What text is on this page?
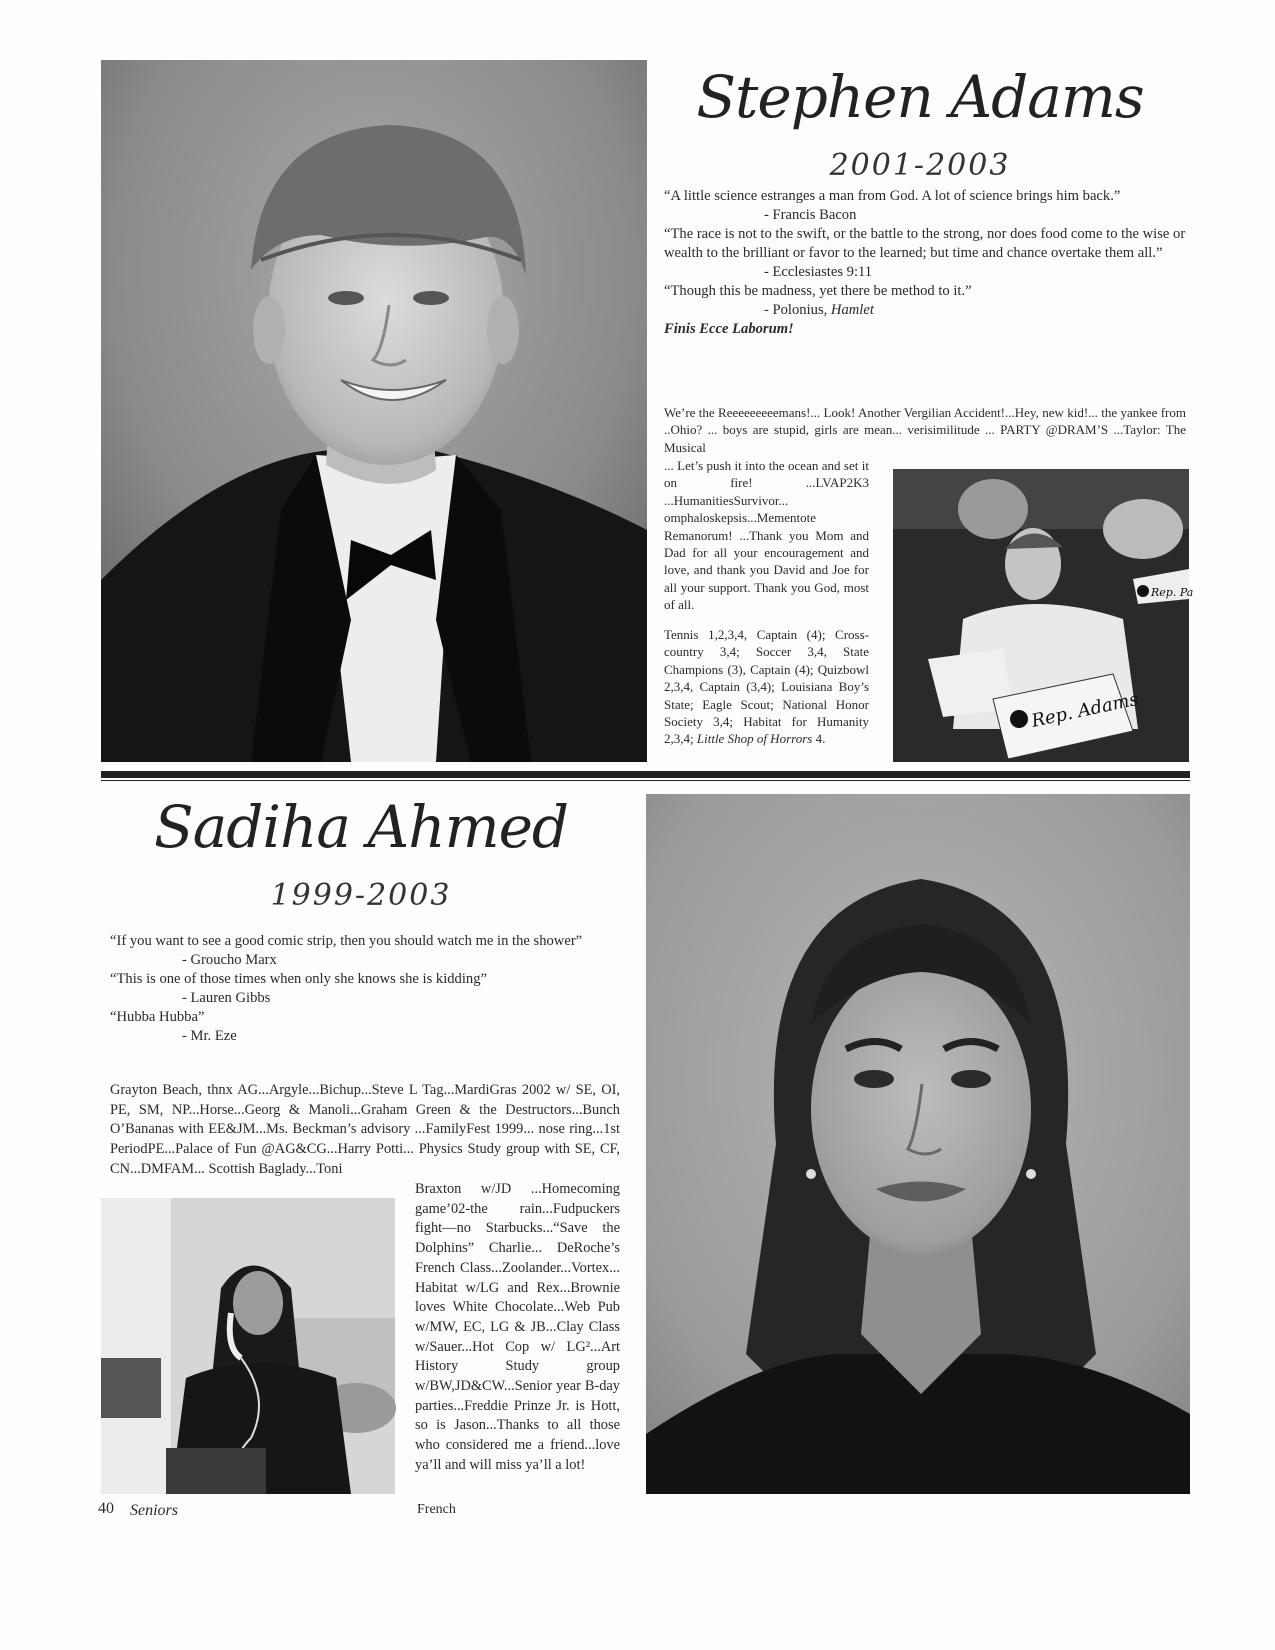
Stephen Adams
2001-2003

“A little science estranges a man from God. A lot of science brings him back.”

- Francis Bacon

“The race is not to the swift, or the battle to the strong, nor does food come to the wise or wealth to the brilliant or favor to the learned; but time and chance overtake them all.”

- Ecclesiastes 9:11

“Though this be madness, yet there be method to it.”

- Polonius, Hamlet

Finis Ecce Laborum!

We’re the Reeeeeeeeemans!... Look! Another Vergilian Accident!...Hey, new kid!... the yankee from ..Ohio? ... boys are stupid, girls are mean... verisimilitude ... PARTY @DRAM’S ...Taylor: The Musical
... Let’s push it into the ocean and set it on fire! ...LVAP2K3 ...HumanitiesSurvivor... omphaloskepsis...Mementote Remanorum! ...Thank you Mom and Dad for all your encouragement and love, and thank you David and Joe for all your support. Thank you God, most of all.
Tennis 1,2,3,4, Captain (4); Cross-country 3,4; Soccer 3,4, State Champions (3), Captain (4); Quizbowl 2,3,4, Captain (3,4); Louisiana Boy’s State; Eagle Scout; National Honor Society 3,4; Habitat for Humanity 2,3,4; Little Shop of Horrors 4.
Rep. Adams
Rep. Pa
Sadiha Ahmed
1999-2003

“If you want to see a good comic strip, then you should watch me in the shower”

- Groucho Marx

“This is one of those times when only she knows she is kidding”

- Lauren Gibbs

“Hubba Hubba”

- Mr. Eze

Grayton Beach, thnx AG...Argyle...Bichup...Steve L Tag...MardiGras 2002 w/ SE, OI, PE, SM, NP...Horse...Georg & Manoli...Graham Green & the Destructors...Bunch O’Bananas with EE&JM...Ms. Beckman’s advisory ...FamilyFest 1999... nose ring...1st PeriodPE...Palace of Fun @AG&CG...Harry Potti... Physics Study group with SE, CF, CN...DMFAM... Scottish Baglady...Toni
Braxton w/JD ...Homecoming game’02-the rain...Fudpuckers fight—no Starbucks...“Save the Dolphins” Charlie... DeRoche’s French Class...Zoolander...Vortex... Habitat w/LG and Rex...Brownie loves White Chocolate...Web Pub w/MW, EC, LG & JB...Clay Class w/Sauer...Hot Cop w/ LG²...Art History Study group w/BW,JD&CW...Senior year B-day parties...Freddie Prinze Jr. is Hott, so is Jason...Thanks to all those who considered me a friend...love ya’ll and will miss ya’ll a lot!
40 Seniors	French
